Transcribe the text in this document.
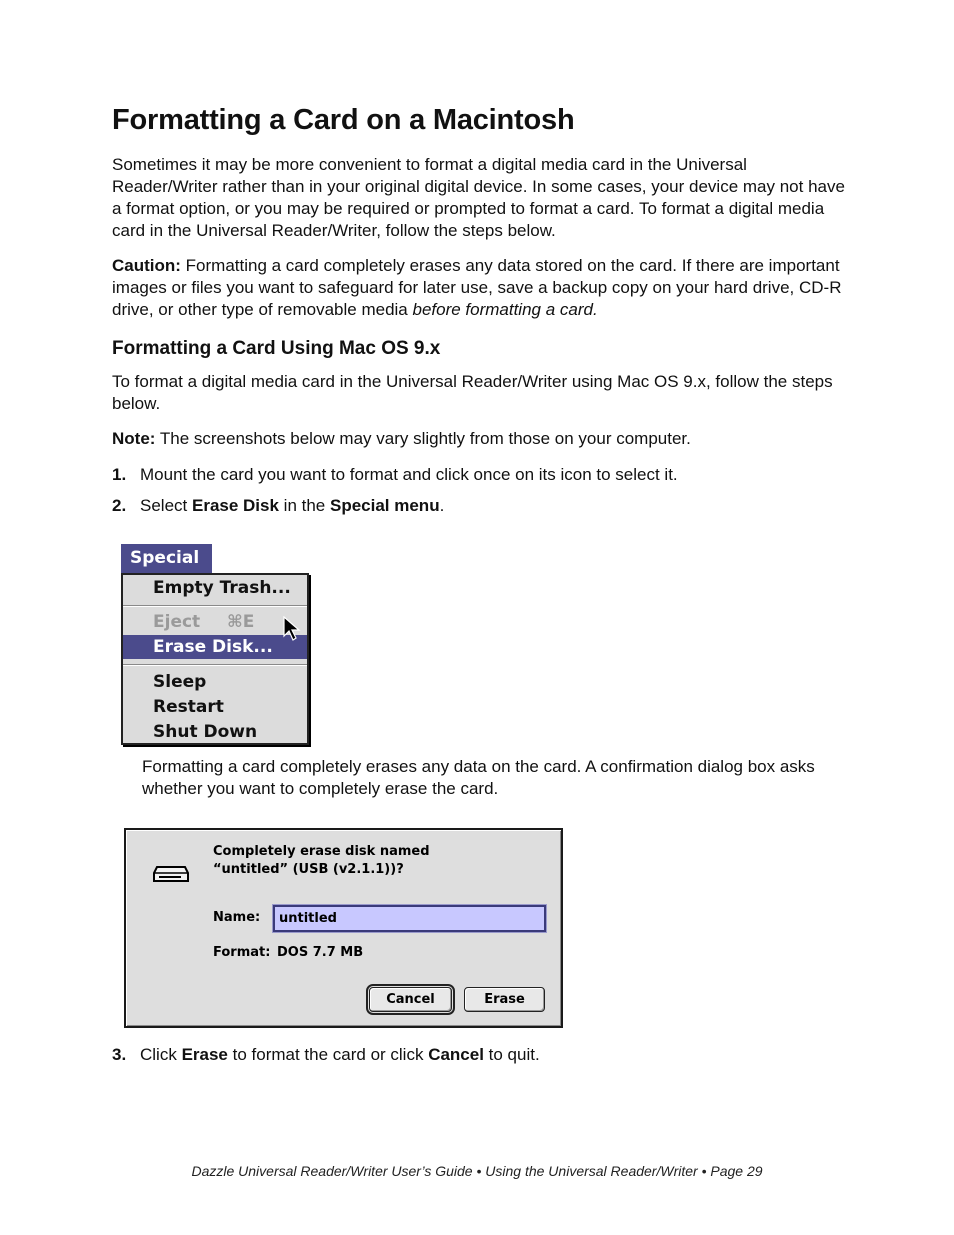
Formatting a Card on a Macintosh

Sometimes it may be more convenient to format a digital media card in the Universal Reader/Writer rather than in your original digital device. In some cases, your device may not have a format option, or you may be required or prompted to format a card. To format a digital media card in the Universal Reader/Writer, follow the steps below.

Caution: Formatting a card completely erases any data stored on the card. If there are important images or files you want to safeguard for later use, save a backup copy on your hard drive, CD-R drive, or other type of removable media before formatting a card.

Formatting a Card Using Mac OS 9.x

To format a digital media card in the Universal Reader/Writer using Mac OS 9.x, follow the steps below.

Note: The screenshots below may vary slightly from those on your computer.

1. Mount the card you want to format and click once on its icon to select it.
2. Select Erase Disk in the Special menu.
Special
Empty Trash...
Eject ⌘E
Erase Disk...
Sleep
Restart
Shut Down

Formatting a card completely erases any data on the card. A confirmation dialog box asks whether you want to completely erase the card.

Completely erase disk named
“untitled” (USB (v2.1.1))?
Name:
untitled
Format: DOS 7.7 MB
Cancel	Erase
3. Click Erase to format the card or click Cancel to quit.
Dazzle Universal Reader/Writer User’s Guide • Using the Universal Reader/Writer • Page 29
